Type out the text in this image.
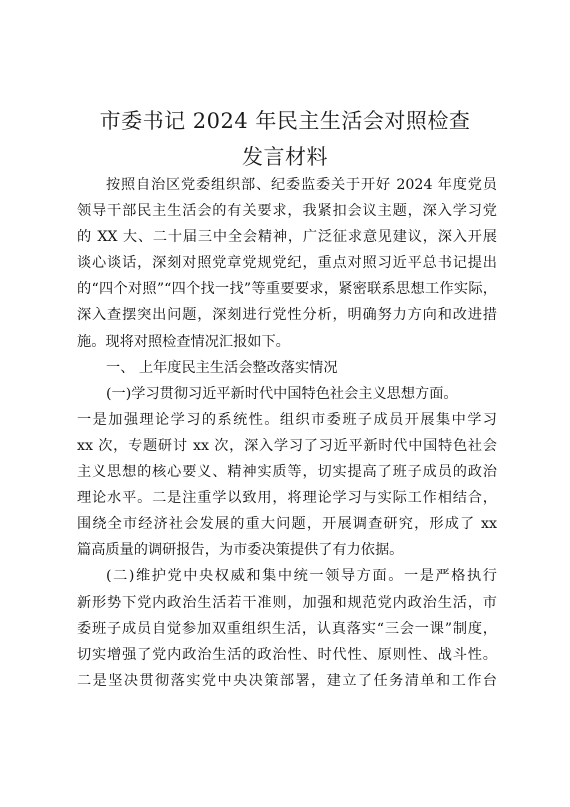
市委书记 2024 年民主生活会对照检查
发言材料
按照自治区党委组织部、纪委监委关于开好 2024 年度党员
领导干部民主生活会的有关要求，我紧扣会议主题，深入学习党
的 XX 大、二十届三中全会精神，广泛征求意见建议，深入开展
谈心谈话，深刻对照党章党规党纪，重点对照习近平总书记提出
的“四个对照”“四个找一找”等重要要求，紧密联系思想工作实际，
深入查摆突出问题，深刻进行党性分析，明确努力方向和改进措
施。现将对照检查情况汇报如下。
一、 上年度民主生活会整改落实情况
(一)学习贯彻习近平新时代中国特色社会主义思想方面。
一是加强理论学习的系统性。组织市委班子成员开展集中学习
xx 次，专题研讨 xx 次，深入学习了习近平新时代中国特色社会
主义思想的核心要义、精神实质等，切实提高了班子成员的政治
理论水平。二是注重学以致用，将理论学习与实际工作相结合，
围绕全市经济社会发展的重大问题，开展调查研究，形成了 xx
篇高质量的调研报告，为市委决策提供了有力依据。
(二)维护党中央权威和集中统一领导方面。一是严格执行
新形势下党内政治生活若干准则，加强和规范党内政治生活，市
委班子成员自觉参加双重组织生活，认真落实“三会一课”制度，
切实增强了党内政治生活的政治性、时代性、原则性、战斗性。
二是坚决贯彻落实党中央决策部署，建立了任务清单和工作台
